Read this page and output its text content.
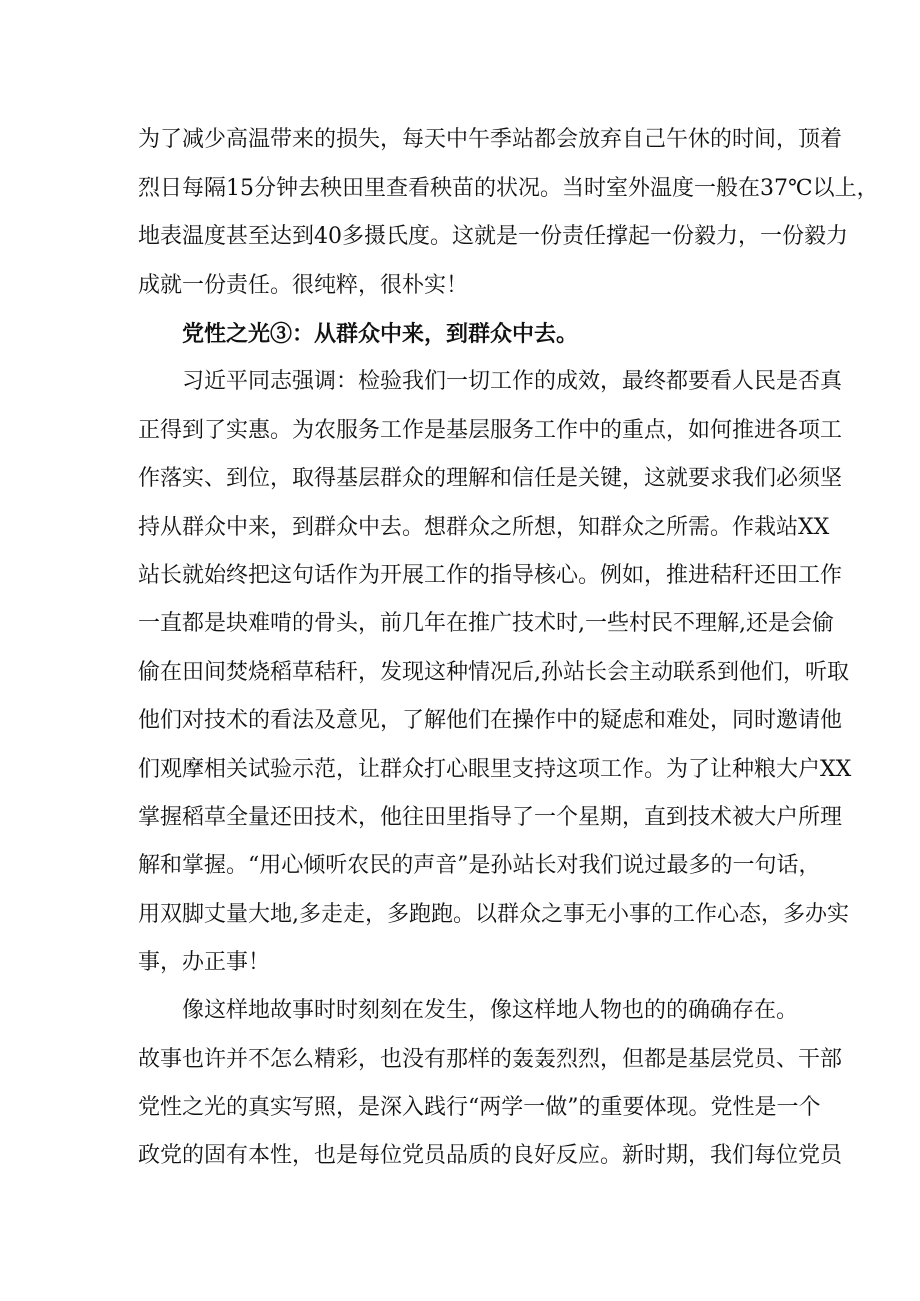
为了减少高温带来的损失，每天中午季站都会放弃自己午休的时间，顶着
烈日每隔15分钟去秧田里查看秧苗的状况。当时室外温度一般在37℃以上，
地表温度甚至达到40多摄氏度。这就是一份责任撑起一份毅力，一份毅力
成就一份责任。很纯粹，很朴实！
党性之光③：从群众中来，到群众中去。
习近平同志强调：检验我们一切工作的成效，最终都要看人民是否真
正得到了实惠。为农服务工作是基层服务工作中的重点，如何推进各项工
作落实、到位，取得基层群众的理解和信任是关键，这就要求我们必须坚
持从群众中来，到群众中去。想群众之所想，知群众之所需。作栽站XX
站长就始终把这句话作为开展工作的指导核心。例如，推进秸秆还田工作
一直都是块难啃的骨头，前几年在推广技术时,一些村民不理解,还是会偷
偷在田间焚烧稻草秸秆，发现这种情况后,孙站长会主动联系到他们，听取
他们对技术的看法及意见，了解他们在操作中的疑虑和难处，同时邀请他
们观摩相关试验示范，让群众打心眼里支持这项工作。为了让种粮大户XX
掌握稻草全量还田技术，他往田里指导了一个星期，直到技术被大户所理
解和掌握。“用心倾听农民的声音”是孙站长对我们说过最多的一句话，
用双脚丈量大地,多走走，多跑跑。以群众之事无小事的工作心态，多办实
事，办正事！
像这样地故事时时刻刻在发生，像这样地人物也的的确确存在。
故事也许并不怎么精彩，也没有那样的轰轰烈烈，但都是基层党员、干部
党性之光的真实写照，是深入践行“两学一做”的重要体现。党性是一个
政党的固有本性，也是每位党员品质的良好反应。新时期，我们每位党员
